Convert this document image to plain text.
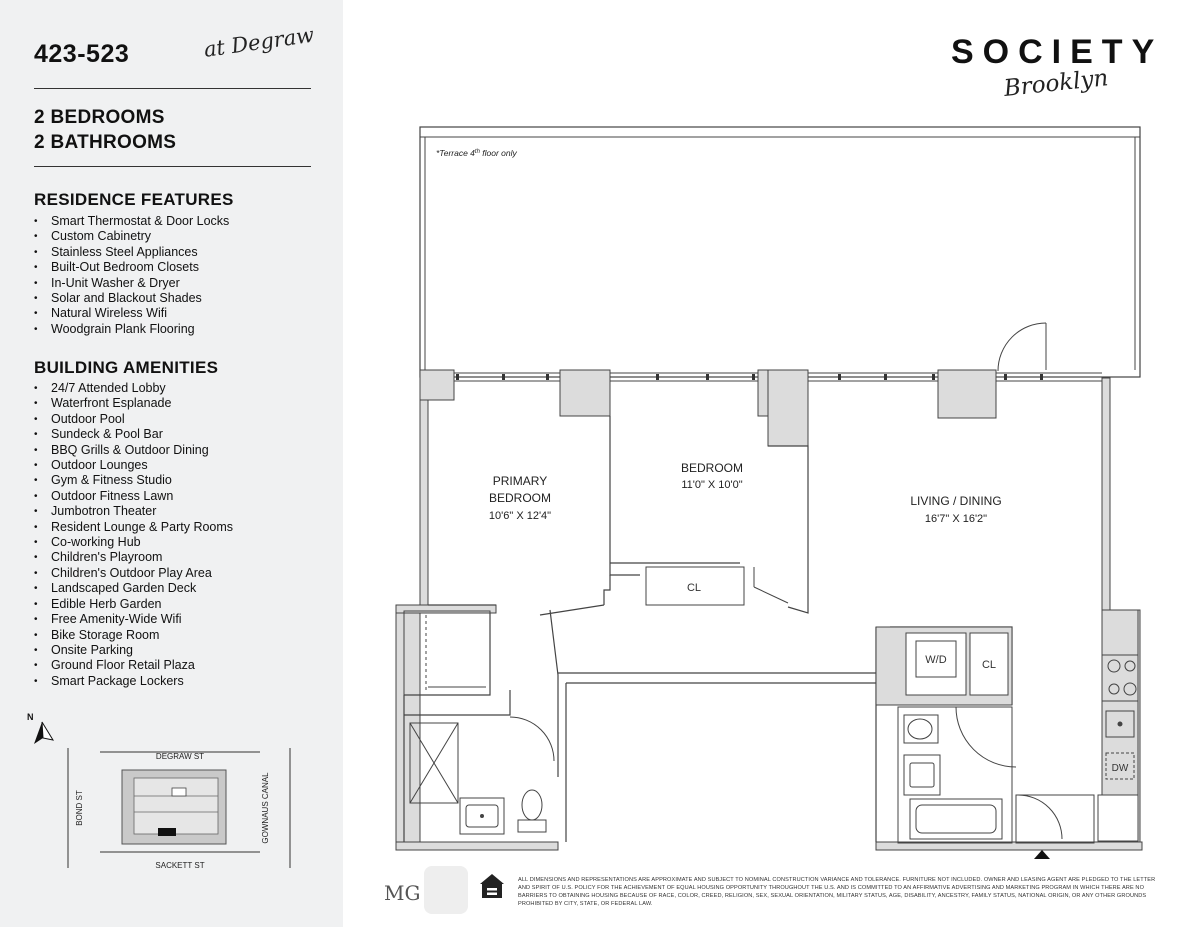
423-523	at Degraw
2 BEDROOMS
2 BATHROOMS
RESIDENCE FEATURES
• Smart Thermostat & Door Locks
• Custom Cabinetry
• Stainless Steel Appliances
• Built-Out Bedroom Closets
• In-Unit Washer & Dryer
• Solar and Blackout Shades
• Natural Wireless Wifi
• Woodgrain Plank Flooring
BUILDING AMENITIES
• 24/7 Attended Lobby
• Waterfront Esplanade
• Outdoor Pool
• Sundeck & Pool Bar
• BBQ Grills & Outdoor Dining
• Outdoor Lounges
• Gym & Fitness Studio
• Outdoor Fitness Lawn
• Jumbotron Theater
• Resident Lounge & Party Rooms
• Co-working Hub
• Children's Playroom
• Children's Outdoor Play Area
• Landscaped Garden Deck
• Edible Herb Garden
• Free Amenity-Wide Wifi
• Bike Storage Room
• Onsite Parking
• Ground Floor Retail Plaza
• Smart Package Lockers
N
DEGRAW ST
SACKETT ST
BOND ST	GOWNAUS CANAL
SOCIETY
Brooklyn
*Terrace 4th floor only
CL
W/D	CL
DW
PRIMARY
BEDROOM
10'6" X 12'4"
BEDROOM
11'0" X 10'0"
LIVING / DINING
16'7" X 16'2"
MG
ALL DIMENSIONS AND REPRESENTATIONS ARE APPROXIMATE AND SUBJECT TO NOMINAL CONSTRUCTION VARIANCE AND TOLERANCE. FURNITURE NOT INCLUDED. OWNER AND LEASING AGENT ARE PLEDGED TO THE LETTER AND SPIRIT OF U.S. POLICY FOR THE ACHIEVEMENT OF EQUAL HOUSING OPPORTUNITY THROUGHOUT THE U.S. AND IS COMMITTED TO AN AFFIRMATIVE ADVERTISING AND MARKETING PROGRAM IN WHICH THERE ARE NO BARRIERS TO OBTAINING HOUSING BECAUSE OF RACE, COLOR, CREED, RELIGION, SEX, SEXUAL ORIENTATION, MILITARY STATUS, AGE, DISABILITY, ANCESTRY, FAMILY STATUS, NATIONAL ORIGIN, OR ANY OTHER GROUNDS PROHIBITED BY CITY, STATE, OR FEDERAL LAW.
